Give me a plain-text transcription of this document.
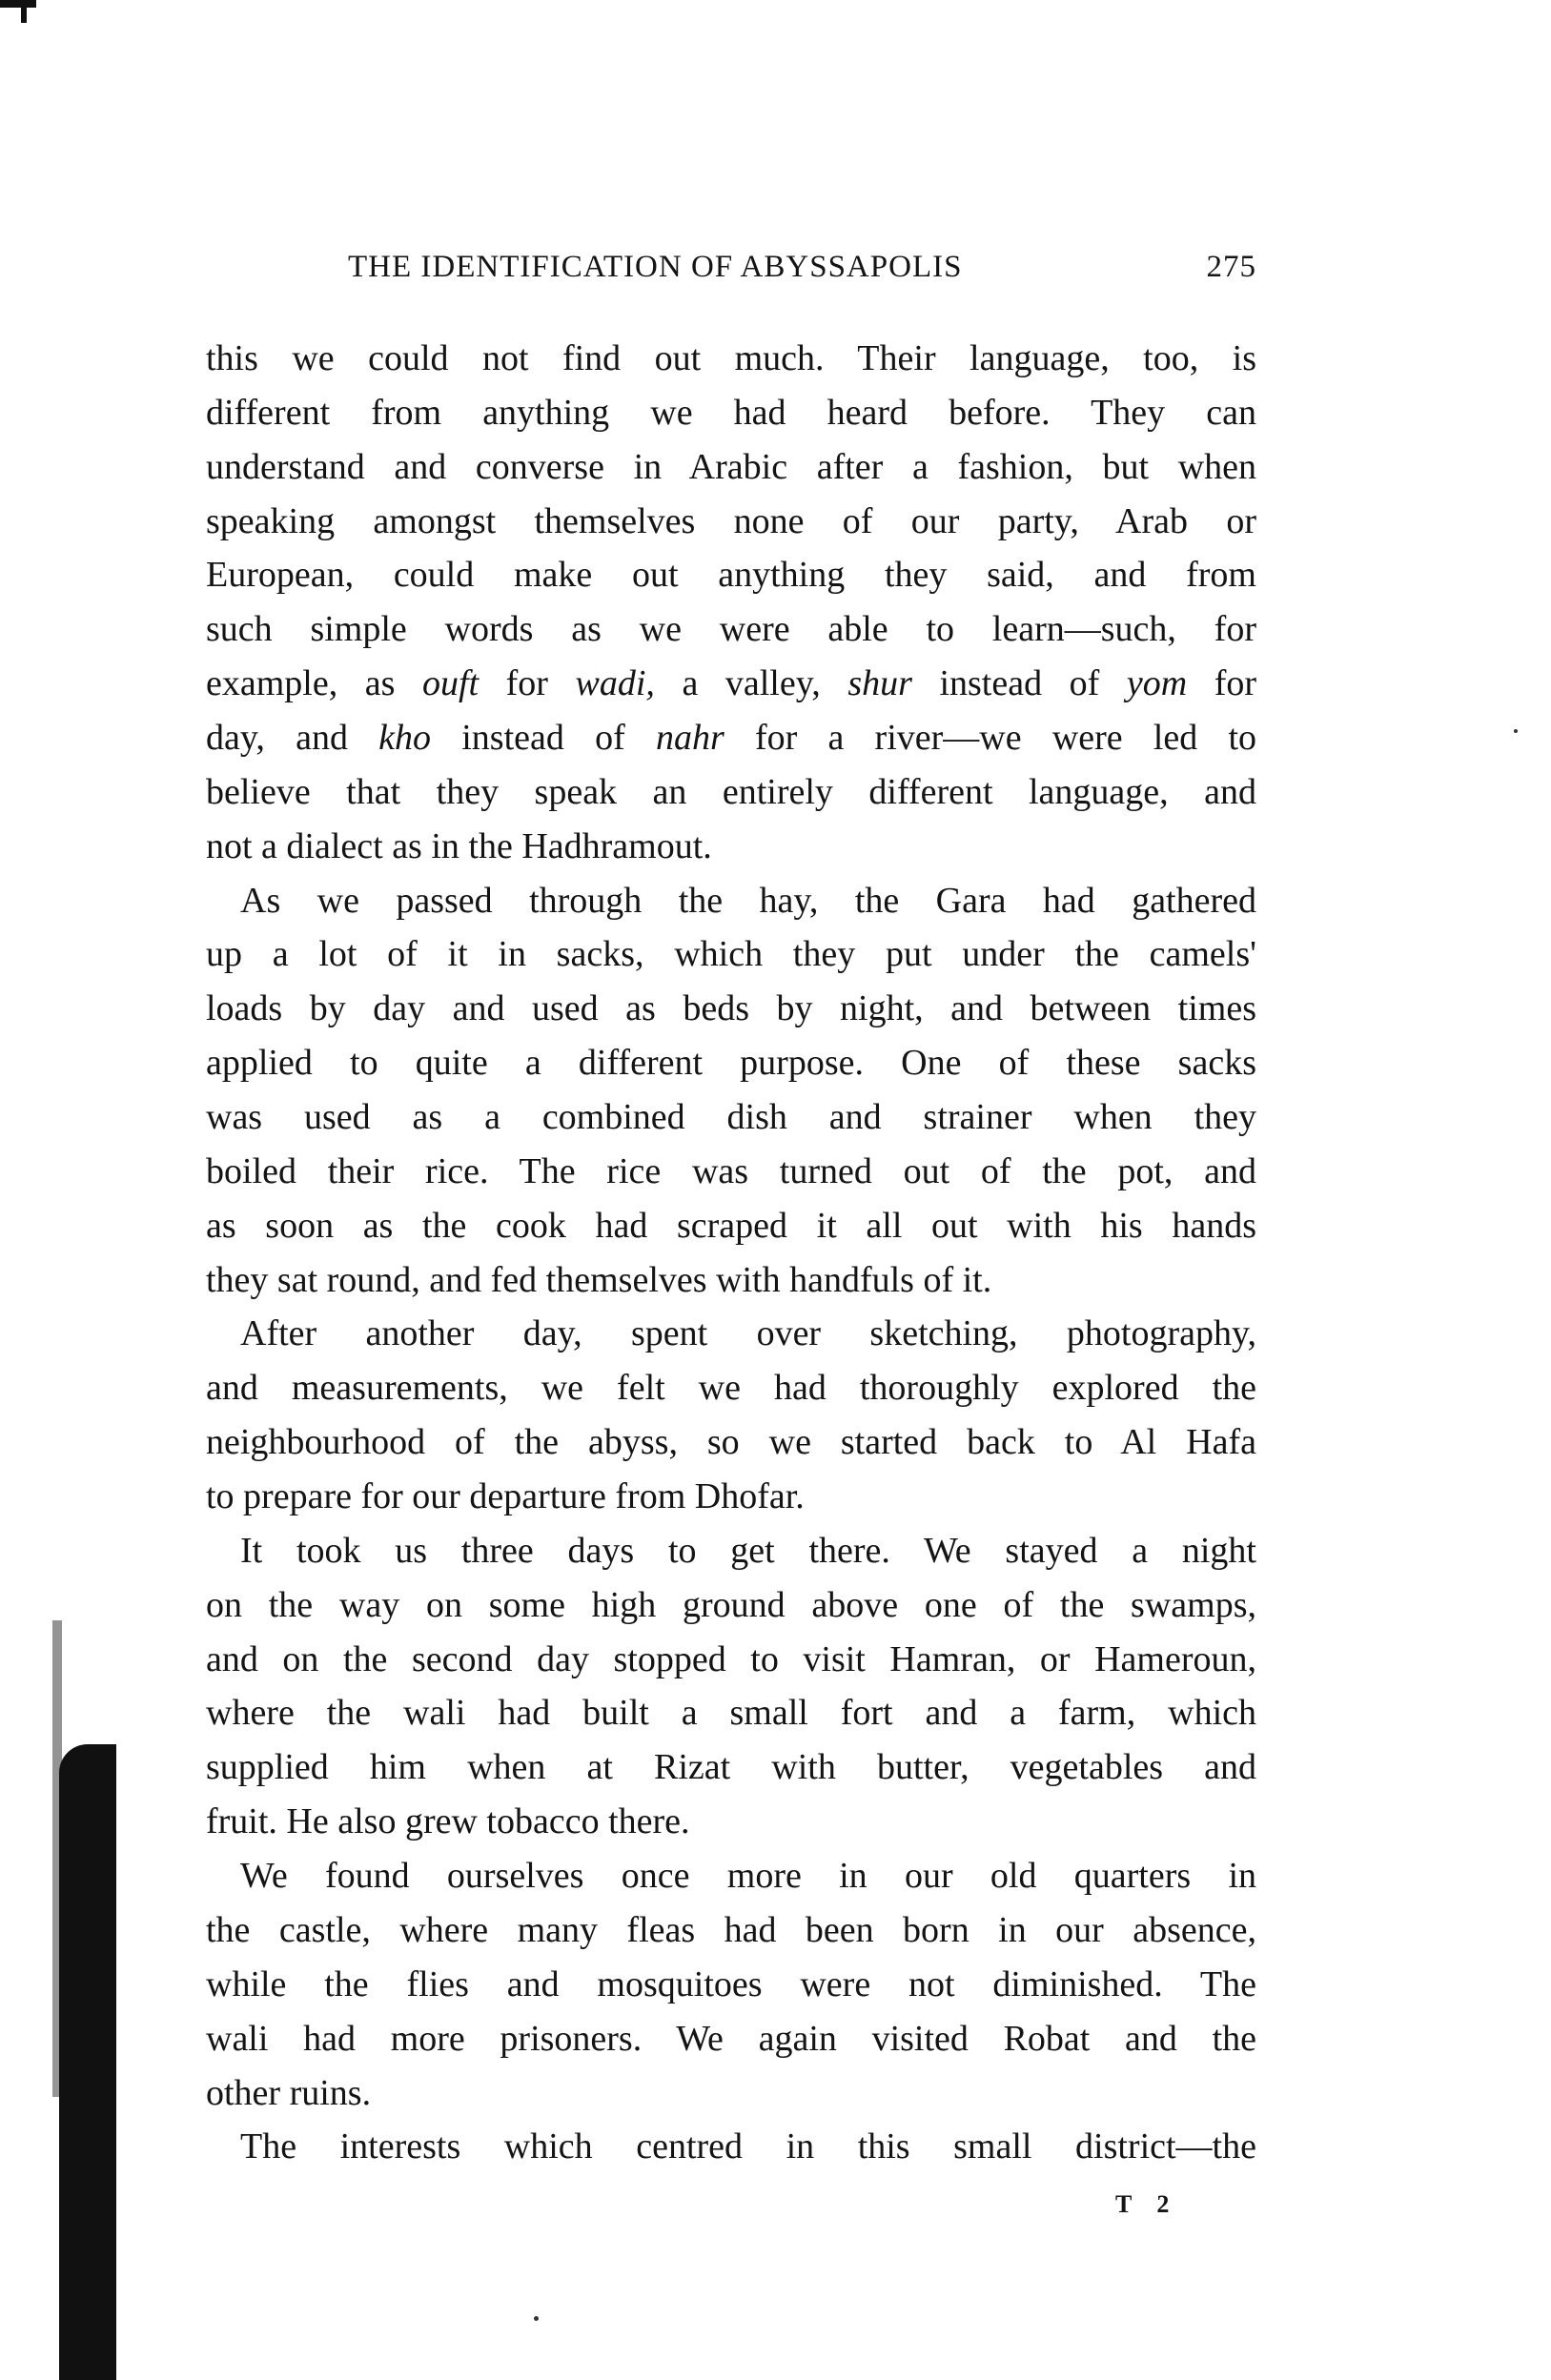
THE IDENTIFICATION OF ABYSSAPOLIS	275
this we could not find out much. Their language, too, is
different from anything we had heard before. They can
understand and converse in Arabic after a fashion, but when
speaking amongst themselves none of our party, Arab or
European, could make out anything they said, and from
such simple words as we were able to learn—such, for
example, as ouft for wadi, a valley, shur instead of yom for
day, and kho instead of nahr for a river—we were led to
believe that they speak an entirely different language, and
not a dialect as in the Hadhramout.
As we passed through the hay, the Gara had gathered
up a lot of it in sacks, which they put under the camels'
loads by day and used as beds by night, and between times
applied to quite a different purpose. One of these sacks
was used as a combined dish and strainer when they
boiled their rice. The rice was turned out of the pot, and
as soon as the cook had scraped it all out with his hands
they sat round, and fed themselves with handfuls of it.
After another day, spent over sketching, photography,
and measurements, we felt we had thoroughly explored the
neighbourhood of the abyss, so we started back to Al Hafa
to prepare for our departure from Dhofar.
It took us three days to get there. We stayed a night
on the way on some high ground above one of the swamps,
and on the second day stopped to visit Hamran, or Hameroun,
where the wali had built a small fort and a farm, which
supplied him when at Rizat with butter, vegetables and
fruit. He also grew tobacco there.
We found ourselves once more in our old quarters in
the castle, where many fleas had been born in our absence,
while the flies and mosquitoes were not diminished. The
wali had more prisoners. We again visited Robat and the
other ruins.
The interests which centred in this small district—the
T 2
